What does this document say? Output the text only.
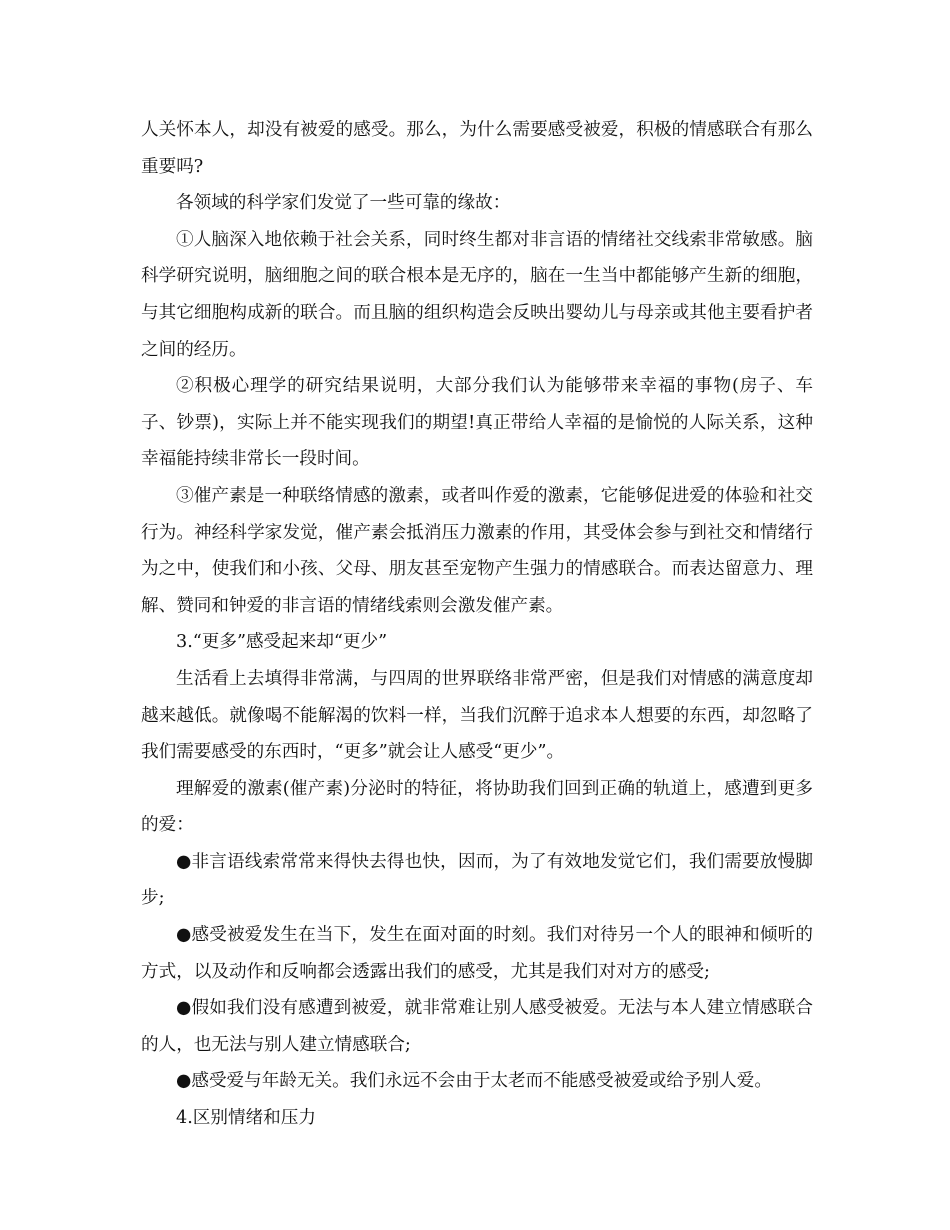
人关怀本人，却没有被爱的感受。那么，为什么需要感受被爱，积极的情感联合有那么重要吗?

各领域的科学家们发觉了一些可靠的缘故：

①人脑深入地依赖于社会关系，同时终生都对非言语的情绪社交线索非常敏感。脑科学研究说明，脑细胞之间的联合根本是无序的，脑在一生当中都能够产生新的细胞，与其它细胞构成新的联合。而且脑的组织构造会反映出婴幼儿与母亲或其他主要看护者之间的经历。

②积极心理学的研究结果说明，大部分我们认为能够带来幸福的事物(房子、车子、钞票)，实际上并不能实现我们的期望!真正带给人幸福的是愉悦的人际关系，这种幸福能持续非常长一段时间。

③催产素是一种联络情感的激素，或者叫作爱的激素，它能够促进爱的体验和社交行为。神经科学家发觉，催产素会抵消压力激素的作用，其受体会参与到社交和情绪行为之中，使我们和小孩、父母、朋友甚至宠物产生强力的情感联合。而表达留意力、理解、赞同和钟爱的非言语的情绪线索则会激发催产素。

3.“更多”感受起来却“更少”

生活看上去填得非常满，与四周的世界联络非常严密，但是我们对情感的满意度却越来越低。就像喝不能解渴的饮料一样，当我们沉醉于追求本人想要的东西，却忽略了我们需要感受的东西时，“更多”就会让人感受“更少”。

理解爱的激素(催产素)分泌时的特征，将协助我们回到正确的轨道上，感遭到更多的爱：

●非言语线索常常来得快去得也快，因而，为了有效地发觉它们，我们需要放慢脚步;

●感受被爱发生在当下，发生在面对面的时刻。我们对待另一个人的眼神和倾听的方式，以及动作和反响都会透露出我们的感受，尤其是我们对对方的感受;

●假如我们没有感遭到被爱，就非常难让别人感受被爱。无法与本人建立情感联合的人，也无法与别人建立情感联合;

●感受爱与年龄无关。我们永远不会由于太老而不能感受被爱或给予别人爱。

4.区别情绪和压力
